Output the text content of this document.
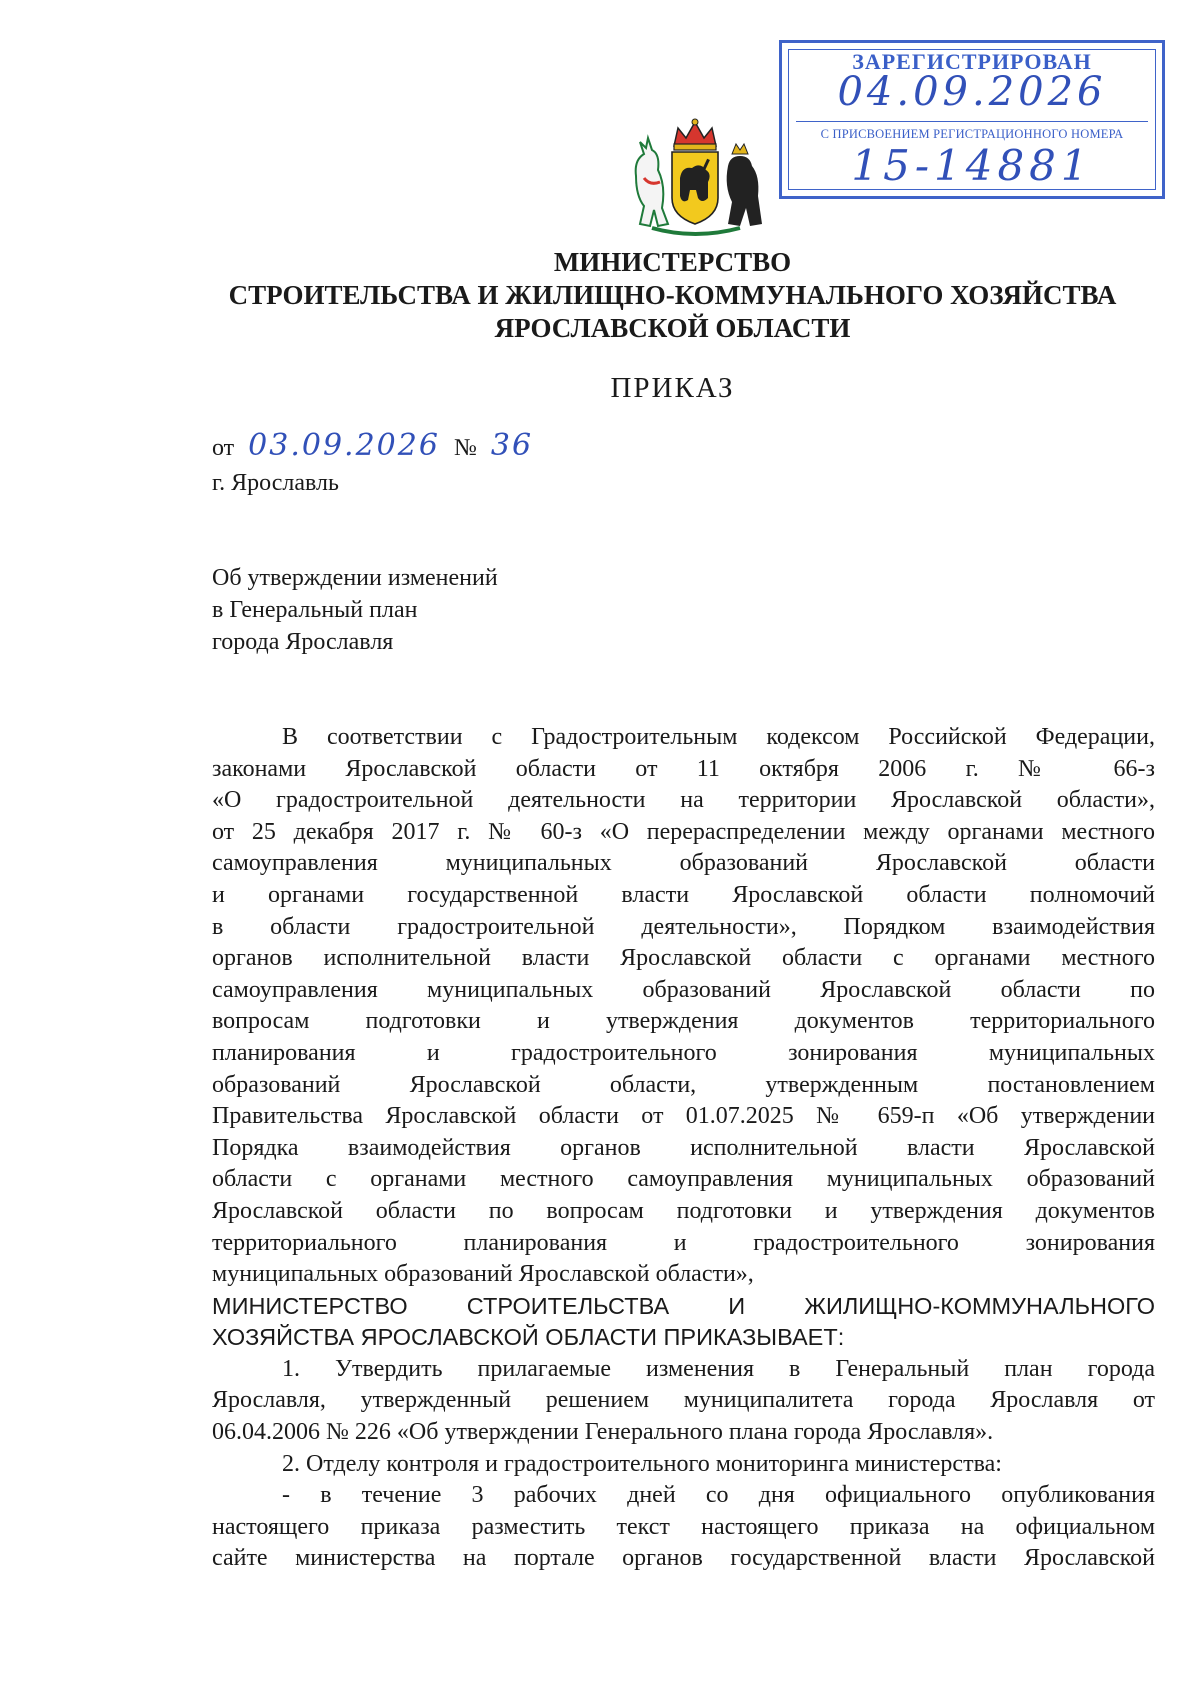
ЗАРЕГИСТРИРОВАН
04.09.2026
С ПРИСВОЕНИЕМ РЕГИСТРАЦИОННОГО НОМЕРА
15-14881
МИНИСТЕРСТВО
СТРОИТЕЛЬСТВА И ЖИЛИЩНО-КОММУНАЛЬНОГО ХОЗЯЙСТВА
ЯРОСЛАВСКОЙ ОБЛАСТИ
ПРИКАЗ
от 03.09.2026 № 36
г. Ярославль
Об утверждении изменений
в Генеральный план
города Ярославля
В соответствии с Градостроительным кодексом Российской Федерации,
законами Ярославской области от 11 октября 2006 г. № 66-з
«О градостроительной деятельности на территории Ярославской области»,
от 25 декабря 2017 г. № 60-з «О перераспределении между органами местного
самоуправления муниципальных образований Ярославской области
и органами государственной власти Ярославской области полномочий
в области градостроительной деятельности», Порядком взаимодействия
органов исполнительной власти Ярославской области с органами местного
самоуправления муниципальных образований Ярославской области по
вопросам подготовки и утверждения документов территориального
планирования и градостроительного зонирования муниципальных
образований Ярославской области, утвержденным постановлением
Правительства Ярославской области от 01.07.2025 № 659-п «Об утверждении
Порядка взаимодействия органов исполнительной власти Ярославской
области с органами местного самоуправления муниципальных образований
Ярославской области по вопросам подготовки и утверждения документов
территориального планирования и градостроительного зонирования
муниципальных образований Ярославской области»,
МИНИСТЕРСТВО СТРОИТЕЛЬСТВА И ЖИЛИЩНО-КОММУНАЛЬНОГО
ХОЗЯЙСТВА ЯРОСЛАВСКОЙ ОБЛАСТИ ПРИКАЗЫВАЕТ:
1. Утвердить прилагаемые изменения в Генеральный план города
Ярославля, утвержденный решением муниципалитета города Ярославля от
06.04.2006 № 226 «Об утверждении Генерального плана города Ярославля».
2. Отделу контроля и градостроительного мониторинга министерства:
- в течение 3 рабочих дней со дня официального опубликования
настоящего приказа разместить текст настоящего приказа на официальном
сайте министерства на портале органов государственной власти Ярославской
